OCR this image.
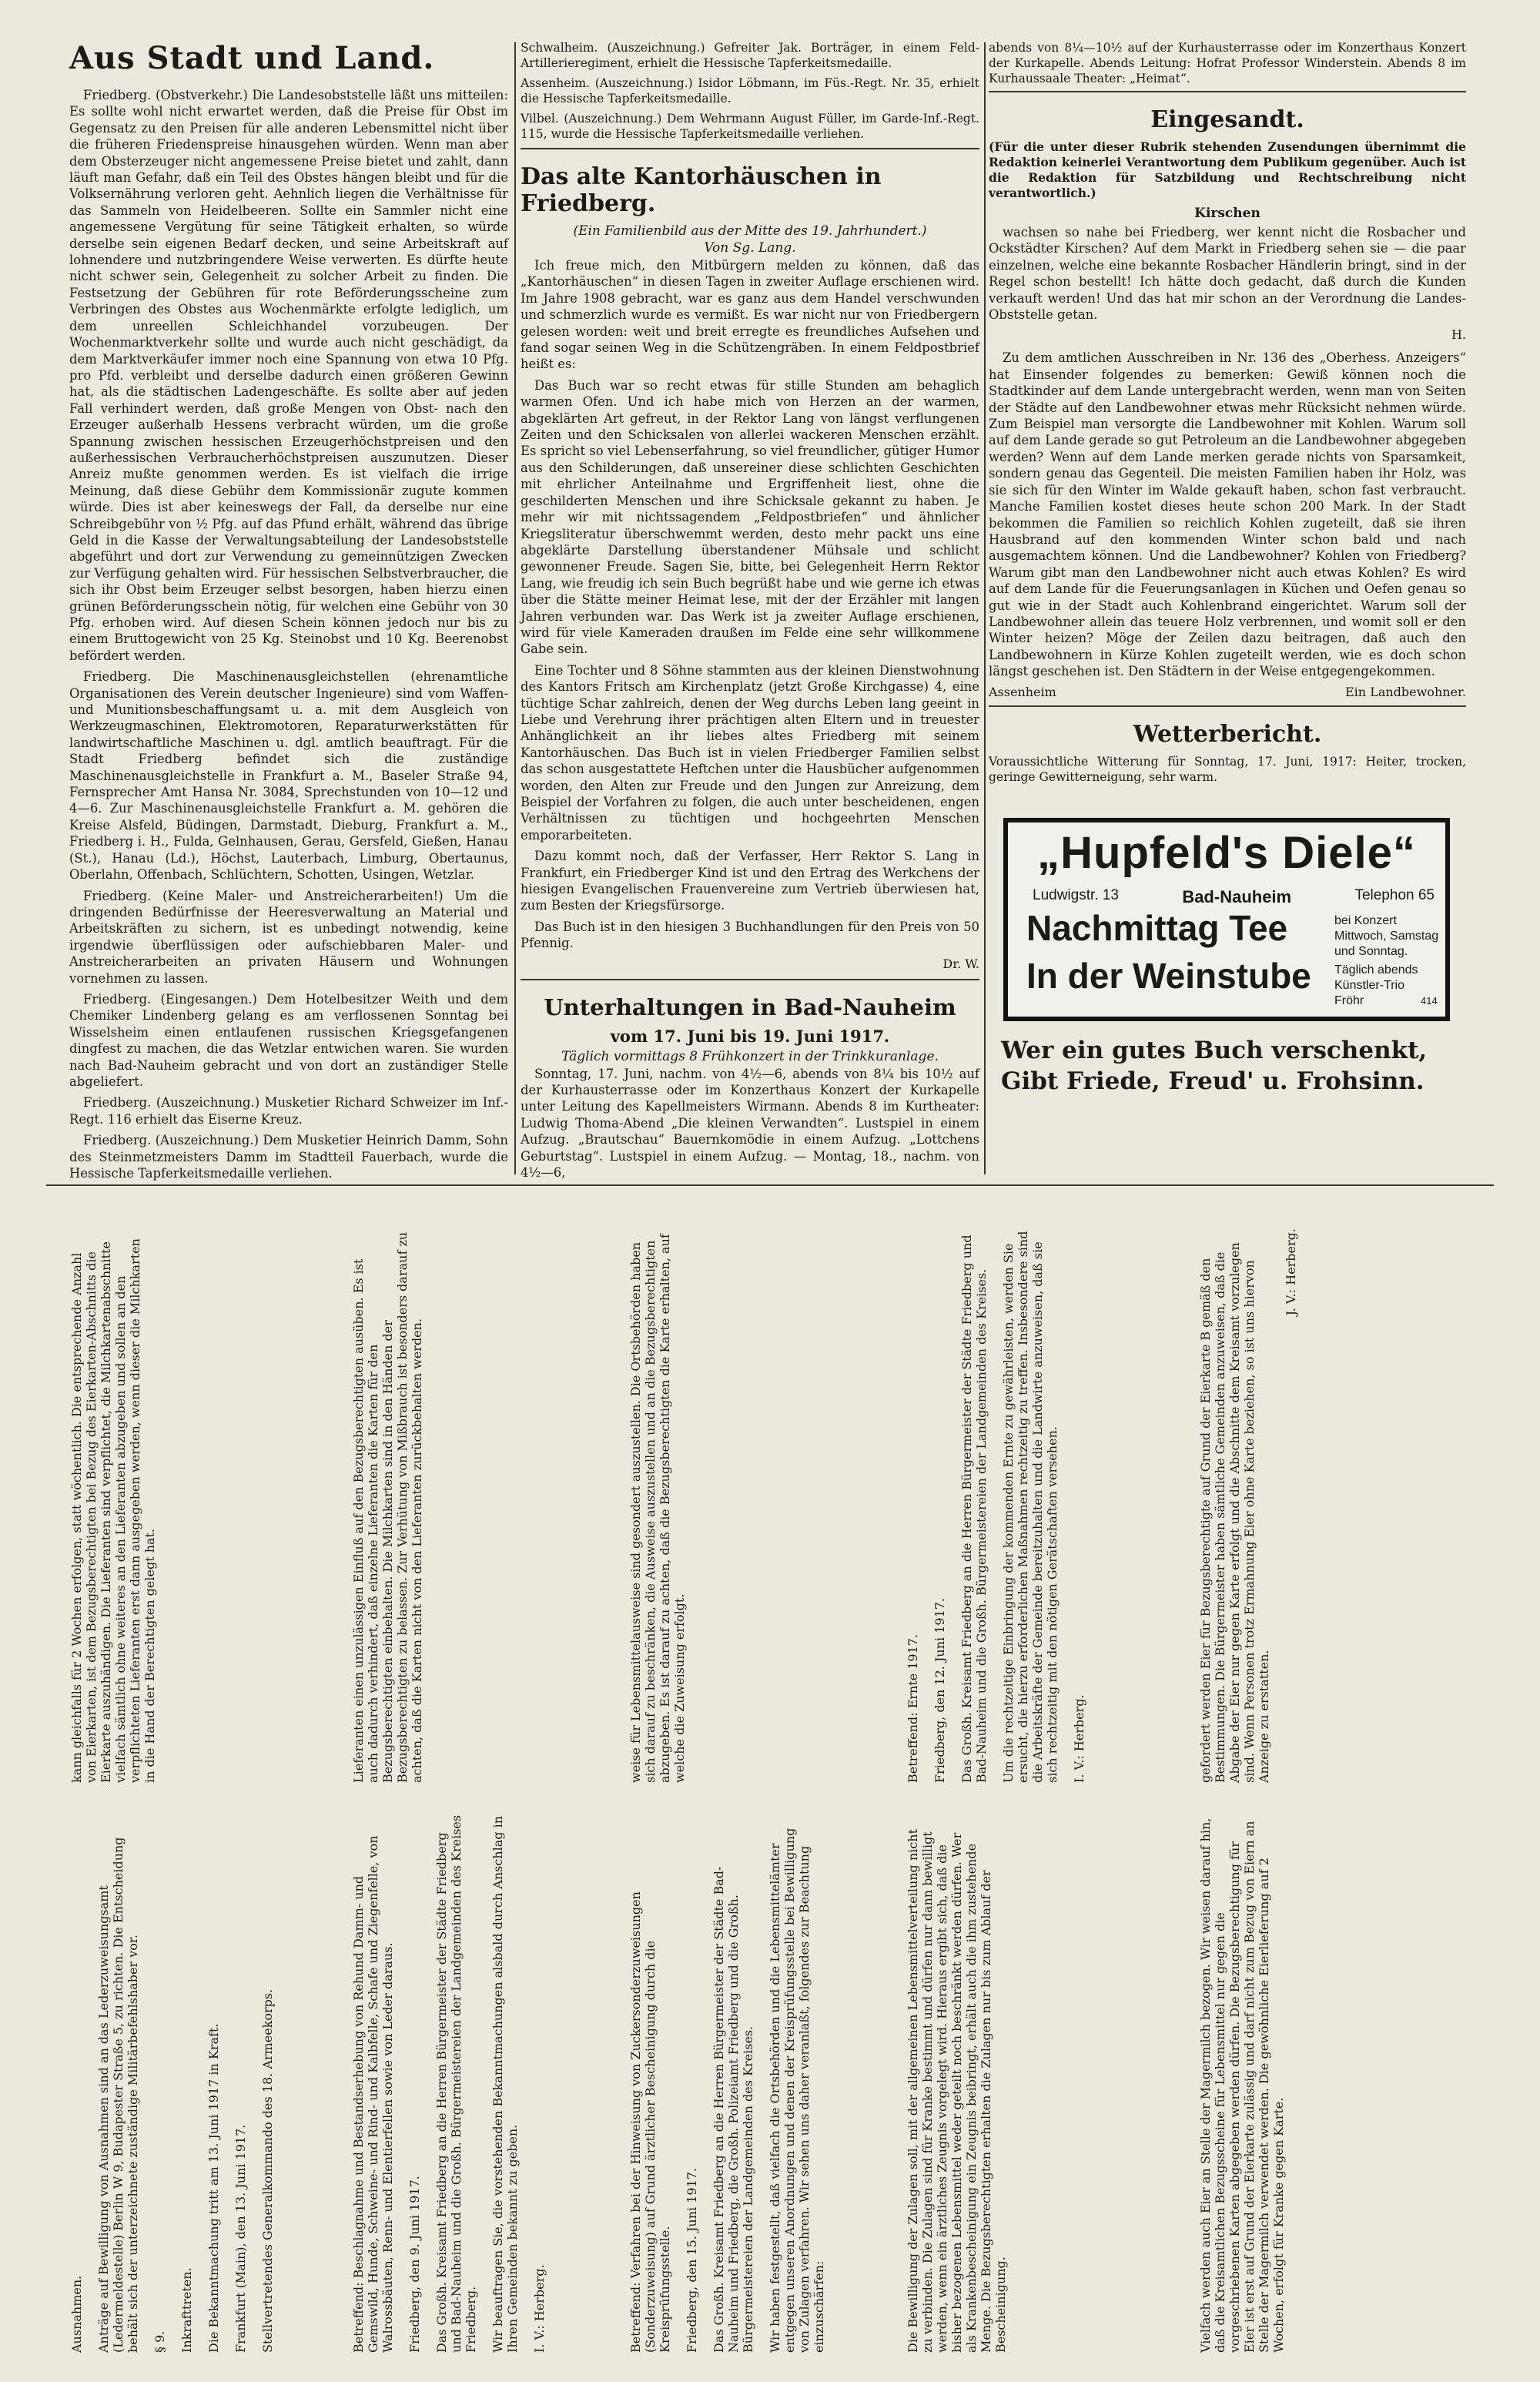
Aus Stadt und Land.

Friedberg. (Obstverkehr.) Die Landesobststelle läßt uns mitteilen: Es sollte wohl nicht erwartet werden, daß die Preise für Obst im Gegensatz zu den Preisen für alle anderen Lebensmittel nicht über die früheren Friedenspreise hinausgehen würden. Wenn man aber dem Obsterzeuger nicht angemessene Preise bietet und zahlt, dann läuft man Gefahr, daß ein Teil des Obstes hängen bleibt und für die Volksernährung verloren geht. Aehnlich liegen die Verhältnisse für das Sammeln von Heidelbeeren. Sollte ein Sammler nicht eine angemessene Vergütung für seine Tätigkeit erhalten, so würde derselbe sein eigenen Bedarf decken, und seine Arbeitskraft auf lohnendere und nutzbringendere Weise verwerten. Es dürfte heute nicht schwer sein, Gelegenheit zu solcher Arbeit zu finden. Die Festsetzung der Gebühren für rote Beförderungsscheine zum Verbringen des Obstes aus Wochenmärkte erfolgte lediglich, um dem unreellen Schleichhandel vorzubeugen. Der Wochenmarktverkehr sollte und wurde auch nicht geschädigt, da dem Marktverkäufer immer noch eine Spannung von etwa 10 Pfg. pro Pfd. verbleibt und derselbe dadurch einen größeren Gewinn hat, als die städtischen Ladengeschäfte. Es sollte aber auf jeden Fall verhindert werden, daß große Mengen von Obst- nach den Erzeuger außerhalb Hessens verbracht würden, um die große Spannung zwischen hessischen Erzeugerhöchstpreisen und den außerhessischen Verbraucherhöchstpreisen auszunutzen. Dieser Anreiz mußte genommen werden. Es ist vielfach die irrige Meinung, daß diese Gebühr dem Kommissionär zugute kommen würde. Dies ist aber keineswegs der Fall, da derselbe nur eine Schreibgebühr von ½ Pfg. auf das Pfund erhält, während das übrige Geld in die Kasse der Verwaltungsabteilung der Landesobststelle abgeführt und dort zur Verwendung zu gemeinnützigen Zwecken zur Verfügung gehalten wird. Für hessischen Selbstverbraucher, die sich ihr Obst beim Erzeuger selbst besorgen, haben hierzu einen grünen Beförderungsschein nötig, für welchen eine Gebühr von 30 Pfg. erhoben wird. Auf diesen Schein können jedoch nur bis zu einem Bruttogewicht von 25 Kg. Steinobst und 10 Kg. Beerenobst befördert werden.

Friedberg. Die Maschinenausgleichstellen (ehrenamtliche Organisationen des Verein deutscher Ingenieure) sind vom Waffen- und Munitionsbeschaffungsamt u. a. mit dem Ausgleich von Werkzeugmaschinen, Elektromotoren, Reparaturwerkstätten für landwirtschaftliche Maschinen u. dgl. amtlich beauftragt. Für die Stadt Friedberg befindet sich die zuständige Maschinenausgleichstelle in Frankfurt a. M., Baseler Straße 94, Fernsprecher Amt Hansa Nr. 3084, Sprechstunden von 10—12 und 4—6. Zur Maschinenausgleichstelle Frankfurt a. M. gehören die Kreise Alsfeld, Büdingen, Darmstadt, Dieburg, Frankfurt a. M., Friedberg i. H., Fulda, Gelnhausen, Gerau, Gersfeld, Gießen, Hanau (St.), Hanau (Ld.), Höchst, Lauterbach, Limburg, Obertaunus, Oberlahn, Offenbach, Schlüchtern, Schotten, Usingen, Wetzlar.

Friedberg. (Keine Maler- und Anstreicherarbeiten!) Um die dringenden Bedürfnisse der Heeresverwaltung an Material und Arbeitskräften zu sichern, ist es unbedingt notwendig, keine irgendwie überflüssigen oder aufschiebbaren Maler- und Anstreicherarbeiten an privaten Häusern und Wohnungen vornehmen zu lassen.

Friedberg. (Eingesangen.) Dem Hotelbesitzer Weith und dem Chemiker Lindenberg gelang es am verflossenen Sonntag bei Wisselsheim einen entlaufenen russischen Kriegsgefangenen dingfest zu machen, die das Wetzlar entwichen waren. Sie wurden nach Bad-Nauheim gebracht und von dort an zuständiger Stelle abgeliefert.

Friedberg. (Auszeichnung.) Musketier Richard Schweizer im Inf.-Regt. 116 erhielt das Eiserne Kreuz.

Friedberg. (Auszeichnung.) Dem Musketier Heinrich Damm, Sohn des Steinmetzmeisters Damm im Stadtteil Fauerbach, wurde die Hessische Tapferkeitsmedaille verliehen.

Schwalheim. (Auszeichnung.) Gefreiter Jak. Borträger, in einem Feld-Artillerieregiment, erhielt die Hessische Tapferkeitsmedaille.

Assenheim. (Auszeichnung.) Isidor Löbmann, im Füs.-Regt. Nr. 35, erhielt die Hessische Tapferkeitsmedaille.

Vilbel. (Auszeichnung.) Dem Wehrmann August Füller, im Garde-Inf.-Regt. 115, wurde die Hessische Tapferkeitsmedaille verliehen.

Das alte Kantorhäuschen in Friedberg.
(Ein Familienbild aus der Mitte des 19. Jahrhundert.)
Von Sg. Lang.

Ich freue mich, den Mitbürgern melden zu können, daß das „Kantorhäuschen“ in diesen Tagen in zweiter Auflage erschienen wird. Im Jahre 1908 gebracht, war es ganz aus dem Handel verschwunden und schmerzlich wurde es vermißt. Es war nicht nur von Friedbergern gelesen worden: weit und breit erregte es freundliches Aufsehen und fand sogar seinen Weg in die Schützengräben. In einem Feldpostbrief heißt es:

Das Buch war so recht etwas für stille Stunden am behaglich warmen Ofen. Und ich habe mich von Herzen an der warmen, abgeklärten Art gefreut, in der Rektor Lang von längst verflungenen Zeiten und den Schicksalen von allerlei wackeren Menschen erzählt. Es spricht so viel Lebenserfahrung, so viel freundlicher, gütiger Humor aus den Schilderungen, daß unsereiner diese schlichten Geschichten mit ehrlicher Anteilnahme und Ergriffenheit liest, ohne die geschilderten Menschen und ihre Schicksale gekannt zu haben. Je mehr wir mit nichtssagendem „Feldpostbriefen“ und ähnlicher Kriegsliteratur überschwemmt werden, desto mehr packt uns eine abgeklärte Darstellung überstandener Mühsale und schlicht gewonnener Freude. Sagen Sie, bitte, bei Gelegenheit Herrn Rektor Lang, wie freudig ich sein Buch begrüßt habe und wie gerne ich etwas über die Stätte meiner Heimat lese, mit der der Erzähler mit langen Jahren verbunden war. Das Werk ist ja zweiter Auflage erschienen, wird für viele Kameraden draußen im Felde eine sehr willkommene Gabe sein.

Eine Tochter und 8 Söhne stammten aus der kleinen Dienstwohnung des Kantors Fritsch am Kirchenplatz (jetzt Große Kirchgasse) 4, eine tüchtige Schar zahlreich, denen der Weg durchs Leben lang geeint in Liebe und Verehrung ihrer prächtigen alten Eltern und in treuester Anhänglichkeit an ihr liebes altes Friedberg mit seinem Kantorhäuschen. Das Buch ist in vielen Friedberger Familien selbst das schon ausgestattete Heftchen unter die Hausbücher aufgenommen worden, den Alten zur Freude und den Jungen zur Anreizung, dem Beispiel der Vorfahren zu folgen, die auch unter bescheidenen, engen Verhältnissen zu tüchtigen und hochgeehrten Menschen emporarbeiteten.

Dazu kommt noch, daß der Verfasser, Herr Rektor S. Lang in Frankfurt, ein Friedberger Kind ist und den Ertrag des Werkchens der hiesigen Evangelischen Frauenvereine zum Vertrieb überwiesen hat, zum Besten der Kriegsfürsorge.

Das Buch ist in den hiesigen 3 Buchhandlungen für den Preis von 50 Pfennig.

Dr. W.
Unterhaltungen in Bad-Nauheim
vom 17. Juni bis 19. Juni 1917.
Täglich vormittags 8 Frühkonzert in der Trinkkuranlage.

Sonntag, 17. Juni, nachm. von 4½—6, abends von 8¼ bis 10½ auf der Kurhausterrasse oder im Konzerthaus Konzert der Kurkapelle unter Leitung des Kapellmeisters Wirmann. Abends 8 im Kurtheater: Ludwig Thoma-Abend „Die kleinen Verwandten“. Lustspiel in einem Aufzug. „Brautschau“ Bauernkomödie in einem Aufzug. „Lottchens Geburtstag“. Lustspiel in einem Aufzug. — Montag, 18., nachm. von 4½—6,

abends von 8¼—10½ auf der Kurhausterrasse oder im Konzerthaus Konzert der Kurkapelle. Abends Leitung: Hofrat Professor Winderstein. Abends 8 im Kurhaussaale Theater: „Heimat“.

Eingesandt.

(Für die unter dieser Rubrik stehenden Zusendungen übernimmt die Redaktion keinerlei Verantwortung dem Publikum gegenüber. Auch ist die Redaktion für Satzbildung und Rechtschreibung nicht verantwortlich.)

Kirschen

wachsen so nahe bei Friedberg, wer kennt nicht die Rosbacher und Ockstädter Kirschen? Auf dem Markt in Friedberg sehen sie — die paar einzelnen, welche eine bekannte Rosbacher Händlerin bringt, sind in der Regel schon bestellt! Ich hätte doch gedacht, daß durch die Kunden verkauft werden! Und das hat mir schon an der Verordnung die Landes-Obststelle getan.

H.

Zu dem amtlichen Ausschreiben in Nr. 136 des „Oberhess. Anzeigers“ hat Einsender folgendes zu bemerken: Gewiß können noch die Stadtkinder auf dem Lande untergebracht werden, wenn man von Seiten der Städte auf den Landbewohner etwas mehr Rücksicht nehmen würde. Zum Beispiel man versorgte die Landbewohner mit Kohlen. Warum soll auf dem Lande gerade so gut Petroleum an die Landbewohner abgegeben werden? Wenn auf dem Lande merken gerade nichts von Sparsamkeit, sondern genau das Gegenteil. Die meisten Familien haben ihr Holz, was sie sich für den Winter im Walde gekauft haben, schon fast verbraucht. Manche Familien kostet dieses heute schon 200 Mark. In der Stadt bekommen die Familien so reichlich Kohlen zugeteilt, daß sie ihren Hausbrand auf den kommenden Winter schon bald und nach ausgemachtem können. Und die Landbewohner? Kohlen von Friedberg? Warum gibt man den Landbewohner nicht auch etwas Kohlen? Es wird auf dem Lande für die Feuerungsanlagen in Küchen und Oefen genau so gut wie in der Stadt auch Kohlenbrand eingerichtet. Warum soll der Landbewohner allein das teuere Holz verbrennen, und womit soll er den Winter heizen? Möge der Zeilen dazu beitragen, daß auch den Landbewohnern in Kürze Kohlen zugeteilt werden, wie es doch schon längst geschehen ist. Den Städtern in der Weise entgegengekommen.

Assenheim	Ein Landbewohner.
Wetterbericht.

Voraussichtliche Witterung für Sonntag, 17. Juni, 1917: Heiter, trocken, geringe Gewitterneigung, sehr warm.

„Hupfeld's Diele“
Ludwigstr. 13	Bad-Nauheim	Telephon 65
Nachmittag Tee	bei Konzert Mittwoch, Samstag und Sonntag.
In der Weinstube Täglich abends Künstler-Trio Fröhr	414
Wer ein gutes Buch verschenkt, Gibt Friede, Freud' u. Frohsinn.

Ausnahmen. Anträge auf Bewilligung von Ausnahmen sind an das Lederzuweisungsamt (Ledermeldestelle) Berlin W 9, Budapester Straße 5, zu richten. Die Entscheidung behält sich der unterzeichnete zuständige Militärbefehlshaber vor. § 9. Inkrafttreten. Die Bekanntmachung tritt am 13. Juni 1917 in Kraft. Frankfurt (Main), den 13. Juni 1917. Stellvertretendes Generalkommando des 18. Armeekorps.

kann gleichfalls für 2 Wochen erfolgen, statt wöchentlich. Die entsprechende Anzahl von Eierkarten, ist dem Bezugsberechtigten bei Bezug des Eierkarten-Abschnitts die Eierkarte auszuhändigen. Die Lieferanten sind verpflichtet, die Milchkartenabschnitte vielfach sämtlich ohne weiteres an den Lieferanten abzugeben und sollen an den verpflichteten Lieferanten erst dann ausgegeben werden, wenn dieser die Milchkarten in die Hand der Berechtigten gelegt hat.

Betreffend: Beschlagnahme und Bestandserhebung von Rehund Damm- und Gemswild, Hunde, Schweine- und Rind- und Kalbfelle, Schafe und Ziegenfelle, von Walrossbäuten, Renn- und Elentierfellen sowie von Leder daraus. Friedberg, den 9. Juni 1917. Das Großh. Kreisamt Friedberg an die Herren Bürgermeister der Städte Friedberg und Bad-Nauheim und die Großh. Bürgermeistereien der Landgemeinden des Kreises Friedberg. Wir beauftragen Sie, die vorstehenden Bekanntmachungen alsbald durch Anschlag in Ihren Gemeinden bekannt zu geben. I. V.: Herberg.

Lieferanten einen unzulässigen Einfluß auf den Bezugsberechtigten ausüben. Es ist auch dadurch verhindert, daß einzelne Lieferanten die Karten für den Bezugsberechtigten einbehalten. Die Milchkarten sind in den Händen der Bezugsberechtigten zu belassen. Zur Verhütung von Mißbrauch ist besonders darauf zu achten, daß die Karten nicht von den Lieferanten zurückbehalten werden.

Betreffend: Verfahren bei der Hinweisung von Zuckersonderzuweisungen (Sonderzuweisung) auf Grund ärztlicher Bescheinigung durch die Kreisprüfungsstelle. Friedberg, den 15. Juni 1917. Das Großh. Kreisamt Friedberg an die Herren Bürgermeister der Städte Bad-Nauheim und Friedberg, die Großh. Polizeiamt Friedberg und die Großh. Bürgermeistereien der Landgemeinden des Kreises. Wir haben festgestellt, daß vielfach die Ortsbehörden und die Lebensmittelämter entgegen unseren Anordnungen und denen der Kreisprüfungsstelle bei Bewilligung von Zulagen verfahren. Wir sehen uns daher veranlaßt, folgendes zur Beachtung einzuschärfen:

weise für Lebensmittelausweise sind gesondert auszustellen. Die Ortsbehörden haben sich darauf zu beschränken, die Ausweise auszustellen und an die Bezugsberechtigten abzugeben. Es ist darauf zu achten, daß die Bezugsberechtigten die Karte erhalten, auf welche die Zuweisung erfolgt.

Die Bewilligung der Zulagen soll, mit der allgemeinen Lebensmittelverteilung nicht zu verbinden. Die Zulagen sind für Kranke bestimmt und dürfen nur dann bewilligt werden, wenn ein ärztliches Zeugnis vorgelegt wird. Hieraus ergibt sich, daß die bisher bezogenen Lebensmittel weder geteilt noch beschränkt werden dürfen. Wer als Krankenbescheinigung ein Zeugnis beibringt, erhält auch die ihm zustehende Menge. Die Bezugsberechtigten erhalten die Zulagen nur bis zum Ablauf der Bescheinigung.

Betreffend: Ernte 1917. Friedberg, den 12. Juni 1917. Das Großh. Kreisamt Friedberg an die Herren Bürgermeister der Städte Friedberg und Bad-Nauheim und die Großh. Bürgermeistereien der Landgemeinden des Kreises. Um die rechtzeitige Einbringung der kommenden Ernte zu gewährleisten, werden Sie ersucht, die hierzu erforderlichen Maßnahmen rechtzeitig zu treffen. Insbesondere sind die Arbeitskräfte der Gemeinde bereitzuhalten und die Landwirte anzuweisen, daß sie sich rechtzeitig mit den nötigen Gerätschaften versehen. I. V.: Herberg.

Vielfach werden auch Eier an Stelle der Magermilch bezogen. Wir weisen darauf hin, daß die Kreisamtlichen Bezugsscheine für Lebensmittel nur gegen die vorgeschriebenen Karten abgegeben werden dürfen. Die Bezugsberechtigung für Eier ist erst auf Grund der Eierkarte zulässig und darf nicht zum Bezug von Eiern an Stelle der Magermilch verwendet werden. Die gewöhnliche Eierlieferung auf 2 Wochen, erfolgt für Kranke gegen Karte.

gefordert werden Eier für Bezugsberechtigte auf Grund der Eierkarte B gemäß den Bestimmungen. Die Bürgermeister haben sämtliche Gemeinden anzuweisen, daß die Abgabe der Eier nur gegen Karte erfolgt und die Abschnitte dem Kreisamt vorzulegen sind. Wenn Personen trotz Ermahnung Eier ohne Karte beziehen, so ist uns hiervon Anzeige zu erstatten.

J. V.: Herberg.
